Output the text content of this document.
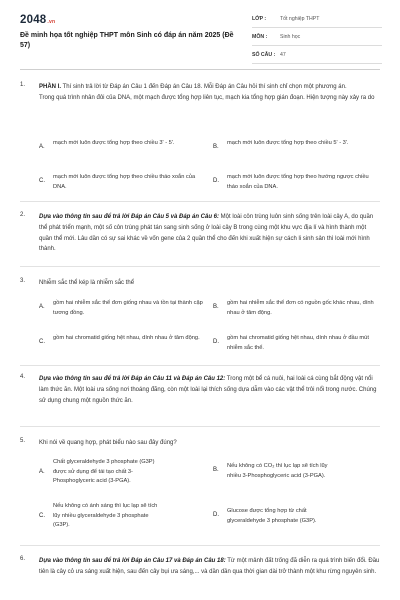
2048.vn
Đề minh họa tốt nghiệp THPT môn Sinh có đáp án năm 2025 (Đề 57)
LỚP :	Tốt nghiệp THPT
MÔN :	Sinh học
SỐ CÂU : 47
1. PHẦN I. Thí sinh trả lời từ Đáp án Câu 1 đến Đáp án Câu 18. Mỗi Đáp án Câu hỏi thí sinh chỉ chọn một phương án.
Trong quá trình nhân đôi của DNA, một mạch được tổng hợp liên tục, mạch kia tổng hợp gián đoạn. Hiện tượng này xảy ra do
A.
mạch mới luôn được tổng hợp theo chiều 3' - 5'.
B.
mạch mới luôn được tổng hợp theo chiều 5' - 3'.
C.
mạch mới luôn được tổng hợp theo chiều tháo xoắn của DNA.
D.
mạch mới luôn được tổng hợp theo hướng ngược chiều tháo xoắn của DNA.
2. Dựa vào thông tin sau để trả lời Đáp án Câu 5 và Đáp án Câu 6: Một loài côn trùng luôn sinh sống trên loài cây A, do quần thể phát triển mạnh, một số côn trùng phát tán sang sinh sống ở loài cây B trong cùng một khu vực địa lí và hình thành một quần thể mới. Lâu dần có sự sai khác về vốn gene của 2 quần thể cho đến khi xuất hiện sự cách li sinh sản thì loài mới hình thành.
3. Nhiễm sắc thể kép là nhiễm sắc thể
A.
gồm hai nhiễm sắc thể đơn giống nhau và tồn tại thành cặp tương đồng.
B.
gồm hai nhiễm sắc thể đơn có nguồn gốc khác nhau, dính nhau ở tâm động.
C.
gồm hai chromatid giống hệt nhau, dính nhau ở tâm động.
D.
gồm hai chromatid giống hệt nhau, dính nhau ở đầu mút nhiễm sắc thể.
4. Dựa vào thông tin sau để trả lời Đáp án Câu 11 và Đáp án Câu 12: Trong một bể cá nuôi, hai loài cá cùng bắt động vật nổi làm thức ăn. Một loài ưa sống nơi thoáng đãng, còn một loài lại thích sống dựa dẫm vào các vật thể trôi nổi trong nước. Chúng sử dụng chung một nguồn thức ăn.
5. Khi nói về quang hợp, phát biểu nào sau đây đúng?
A.
Chất glyceraldehyde 3 phosphate (G3P)
được sử dụng để tái tạo chất 3-
Phosphoglyceric acid (3-PGA).
B.
Nếu không có CO₂ thì lục lạp sẽ tích lũy
nhiều 3-Phosphoglyceric acid (3-PGA).
C.
Nếu không có ánh sáng thì lục lạp sẽ tích
lũy nhiều glyceraldehyde 3 phosphate
(G3P).
D.
Glucose được tổng hợp từ chất
glyceraldehyde 3 phosphate (G3P).
6. Dựa vào thông tin sau để trả lời Đáp án Câu 17 và Đáp án Câu 18: Từ một mảnh đất trống đã diễn ra quá trình biến đổi. Đầu tiên là cây cỏ ưa sáng xuất hiện, sau đến cây bụi ưa sáng,... và dần dần qua thời gian dài trở thành một khu rừng nguyên sinh.
